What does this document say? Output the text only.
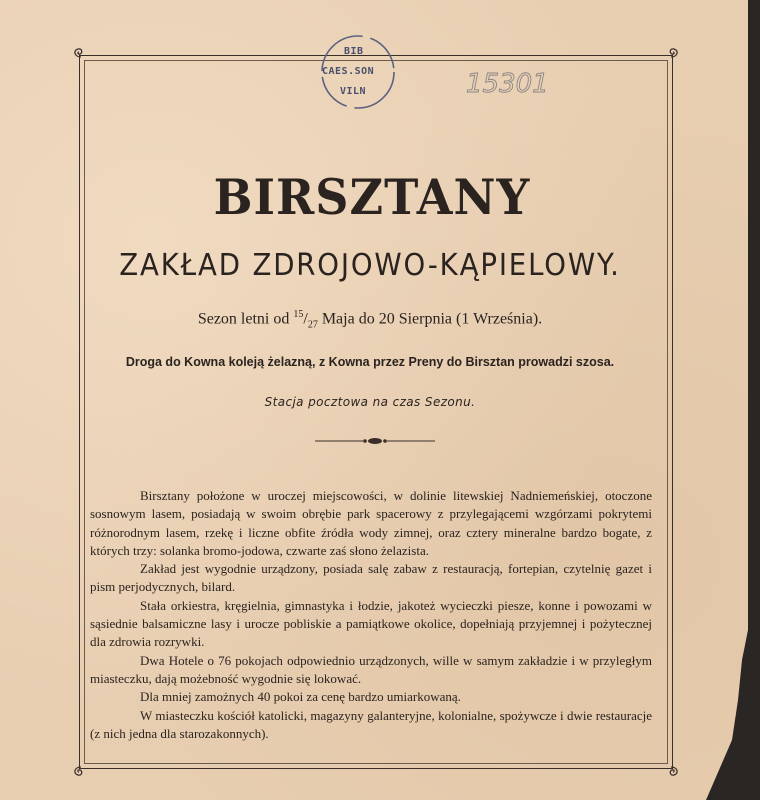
BIB
CAES.SON
VILN	15301
BIRSZTANY
ZAKŁAD ZDROJOWO-KĄPIELOWY.
Sezon letni od $^{15}/_{27}$ Maja do 20 Sierpnia (1 Września).
Droga do Kowna koleją żelazną, z Kowna przez Preny do Birsztan prowadzi szosa.
Stacja pocztowa na czas Sezonu.

Birsztany położone w uroczej miejscowości, w dolinie litewskiej Nadniemeńskiej, otoczone sosnowym lasem, posiadają w swoim obrębie park spacerowy z przylegającemi wzgórzami pokrytemi różnorodnym lasem, rzekę i liczne obfite źródła wody zimnej, oraz cztery mineralne bardzo bogate, z których trzy: solanka bromo-jodowa, czwarte zaś słono żelazista.

Zakład jest wygodnie urządzony, posiada salę zabaw z restauracją, fortepian, czytelnię gazet i pism perjodycznych, bilard.

Stała orkiestra, kręgielnia, gimnastyka i łodzie, jakoteż wycieczki piesze, konne i powozami w sąsiednie balsamiczne lasy i urocze pobliskie a pamiątkowe okolice, dopełniają przyjemnej i pożytecznej dla zdrowia rozrywki.

Dwa Hotele o 76 pokojach odpowiednio urządzonych, wille w samym zakładzie i w przyległym miasteczku, dają możebność wygodnie się lokować.

Dla mniej zamożnych 40 pokoi za cenę bardzo umiarkowaną.

W miasteczku kościół katolicki, magazyny galanteryjne, kolonialne, spożywcze i dwie restauracje (z nich jedna dla starozakonnych).
